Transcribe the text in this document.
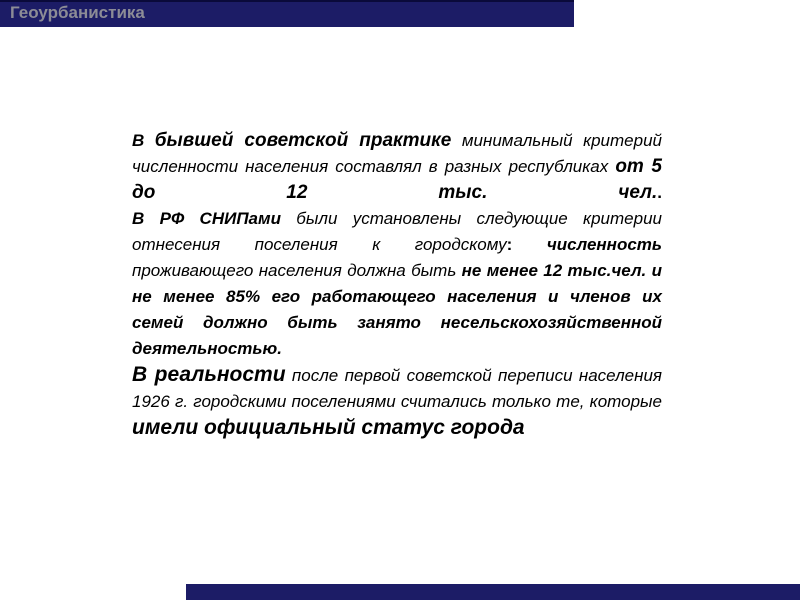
Геоурбанистика

В бывшей советской практике минимальный критерий численности населения составлял в разных республиках от 5 до 12 тыс. чел..

В РФ СНИПами были установлены следующие критерии отнесения поселения к городскому: численность проживающего населения должна быть не менее 12 тыс.чел. и не менее 85% его работающего населения и членов их семей должно быть занято несельскохозяйственной деятельностью.

В реальности после первой советской переписи населения 1926 г. городскими поселениями считались только те, которые имели официальный статус города
